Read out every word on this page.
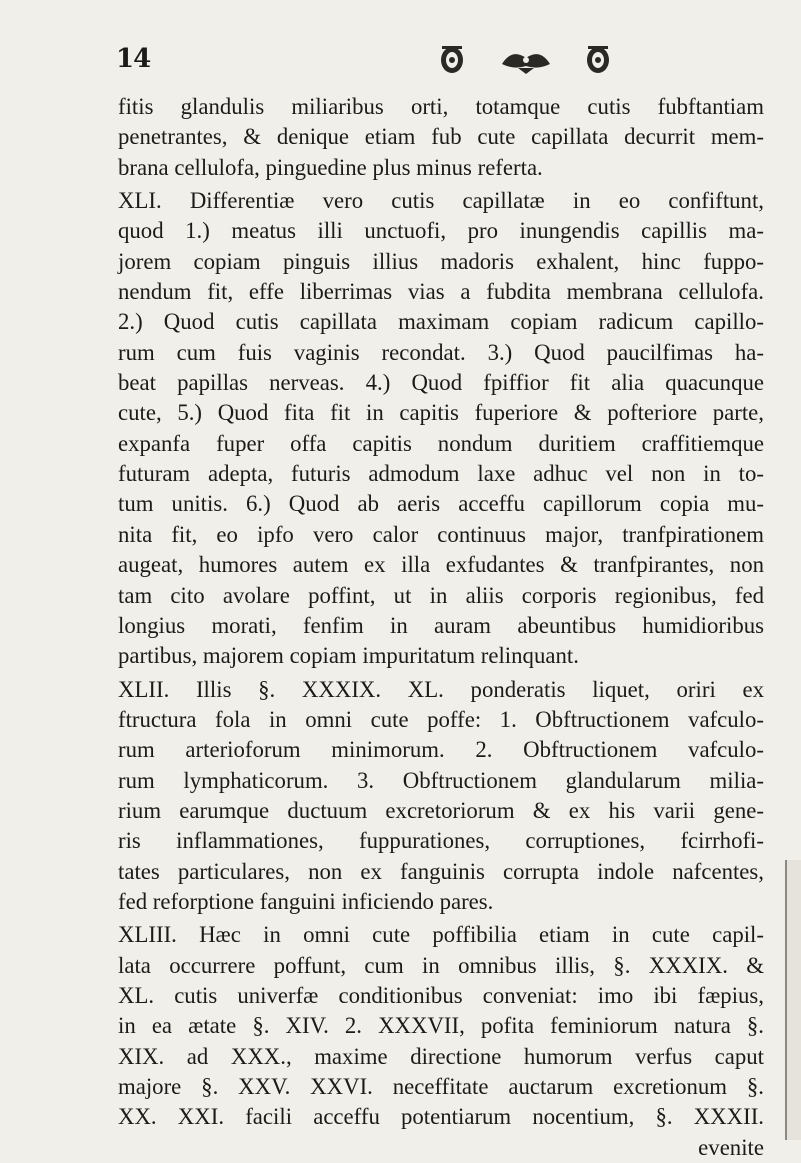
14
fitis glandulis miliaribus orti, totamque cutis fubftantiam
penetrantes, & denique etiam fub cute capillata decurrit mem-
brana cellulofa, pinguedine plus minus referta.
XLI. Differentiæ vero cutis capillatæ in eo confiftunt,
quod 1.) meatus illi unctuofi, pro inungendis capillis ma-
jorem copiam pinguis illius madoris exhalent, hinc fuppo-
nendum fit, effe liberrimas vias a fubdita membrana cellulofa.
2.) Quod cutis capillata maximam copiam radicum capillo-
rum cum fuis vaginis recondat. 3.) Quod paucilfimas ha-
beat papillas nerveas. 4.) Quod fpiffior fit alia quacunque
cute, 5.) Quod fita fit in capitis fuperiore & pofteriore parte,
expanfa fuper offa capitis nondum duritiem craffitiemque
futuram adepta, futuris admodum laxe adhuc vel non in to-
tum unitis. 6.) Quod ab aeris acceffu capillorum copia mu-
nita fit, eo ipfo vero calor continuus major, tranfpirationem
augeat, humores autem ex illa exfudantes & tranfpirantes, non
tam cito avolare poffint, ut in aliis corporis regionibus, fed
longius morati, fenfim in auram abeuntibus humidioribus
partibus, majorem copiam impuritatum relinquant.
XLII. Illis §. XXXIX. XL. ponderatis liquet, oriri ex
ftructura fola in omni cute poffe: 1. Obftructionem vafculo-
rum arterioforum minimorum. 2. Obftructionem vafculo-
rum lymphaticorum. 3. Obftructionem glandularum milia-
rium earumque ductuum excretoriorum & ex his varii gene-
ris inflammationes, fuppurationes, corruptiones, fcirrhofi-
tates particulares, non ex fanguinis corrupta indole nafcentes,
fed reforptione fanguini inficiendo pares.
XLIII. Hæc in omni cute poffibilia etiam in cute capil-
lata occurrere poffunt, cum in omnibus illis, §. XXXIX. &
XL. cutis univerfæ conditionibus conveniat: imo ibi fæpius,
in ea ætate §. XIV. 2. XXXVII, pofita feminiorum natura §.
XIX. ad XXX., maxime directione humorum verfus caput
majore §. XXV. XXVI. neceffitate auctarum excretionum §.
XX. XXI. facili acceffu potentiarum nocentium, §. XXXII.
evenite
